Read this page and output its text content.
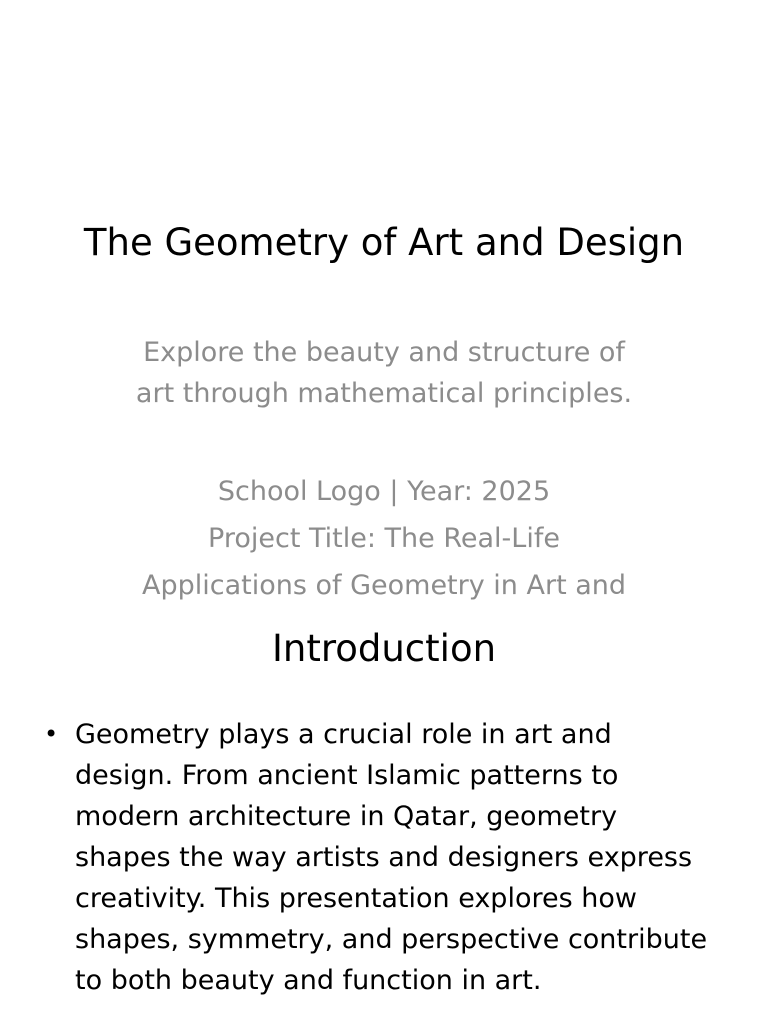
The Geometry of Art and Design
Explore the beauty and structure of
art through mathematical principles.
School Logo | Year: 2025
Project Title: The Real-Life
Applications of Geometry in Art and
Introduction
• Geometry plays a crucial role in art and
design. From ancient Islamic patterns to
modern architecture in Qatar, geometry
shapes the way artists and designers express
creativity. This presentation explores how
shapes, symmetry, and perspective contribute
to both beauty and function in art.
